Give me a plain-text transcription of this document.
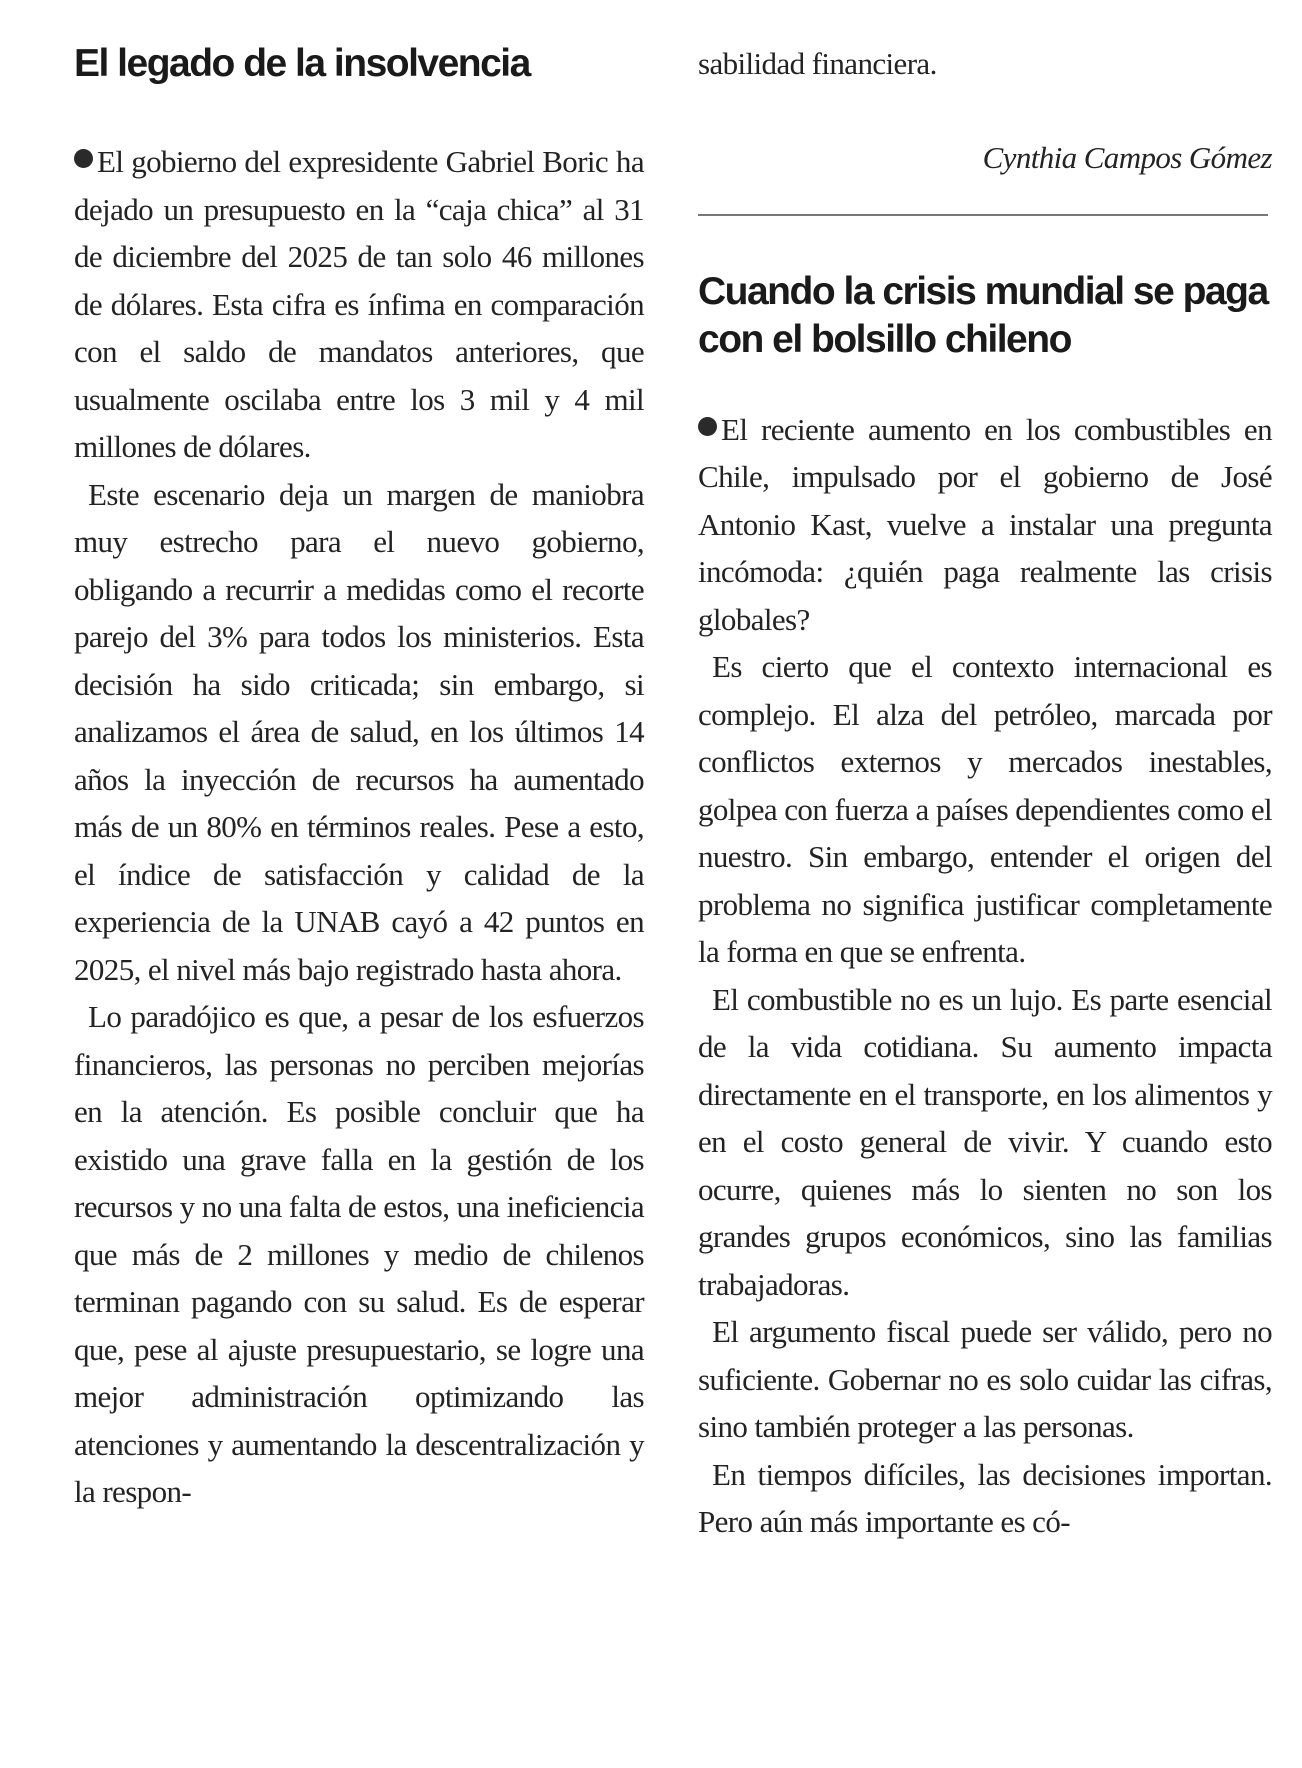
El legado de la insolvencia

El gobierno del expresidente Gabriel Boric ha dejado un presupuesto en la “caja chica” al 31 de diciembre del 2025 de tan solo 46 millones de dólares. Esta cifra es ínfima en comparación con el saldo de mandatos anteriores, que usualmente oscilaba entre los 3 mil y 4 mil millones de dólares.

Este escenario deja un margen de maniobra muy estrecho para el nuevo gobierno, obligando a recurrir a medidas como el recorte parejo del 3% para todos los ministerios. Esta decisión ha sido criticada; sin embargo, si analizamos el área de salud, en los últimos 14 años la inyección de recursos ha aumentado más de un 80% en términos reales. Pese a esto, el índice de satisfacción y calidad de la experiencia de la UNAB cayó a 42 puntos en 2025, el nivel más bajo registrado hasta ahora.

Lo paradójico es que, a pesar de los esfuerzos financieros, las personas no perciben mejorías en la atención. Es posible concluir que ha existido una grave falla en la gestión de los recursos y no una falta de estos, una ineficiencia que más de 2 millones y medio de chilenos terminan pagando con su salud. Es de esperar que, pese al ajuste presupuestario, se logre una mejor administración optimizando las atenciones y aumentando la descentralización y la respon-

sabilidad financiera.

Cynthia Campos Gómez
Cuando la crisis mundial se paga con el bolsillo chileno

El reciente aumento en los combustibles en Chile, impulsado por el gobierno de José Antonio Kast, vuelve a instalar una pregunta incómoda: ¿quién paga realmente las crisis globales?

Es cierto que el contexto internacional es complejo. El alza del petróleo, marcada por conflictos externos y mercados inestables, golpea con fuerza a países dependientes como el nuestro. Sin embargo, entender el origen del problema no significa justificar completamente la forma en que se enfrenta.

El combustible no es un lujo. Es parte esencial de la vida cotidiana. Su aumento impacta directamente en el transporte, en los alimentos y en el costo general de vivir. Y cuando esto ocurre, quienes más lo sienten no son los grandes grupos económicos, sino las familias trabajadoras.

El argumento fiscal puede ser válido, pero no suficiente. Gobernar no es solo cuidar las cifras, sino también proteger a las personas.

En tiempos difíciles, las decisiones importan. Pero aún más importante es có-
